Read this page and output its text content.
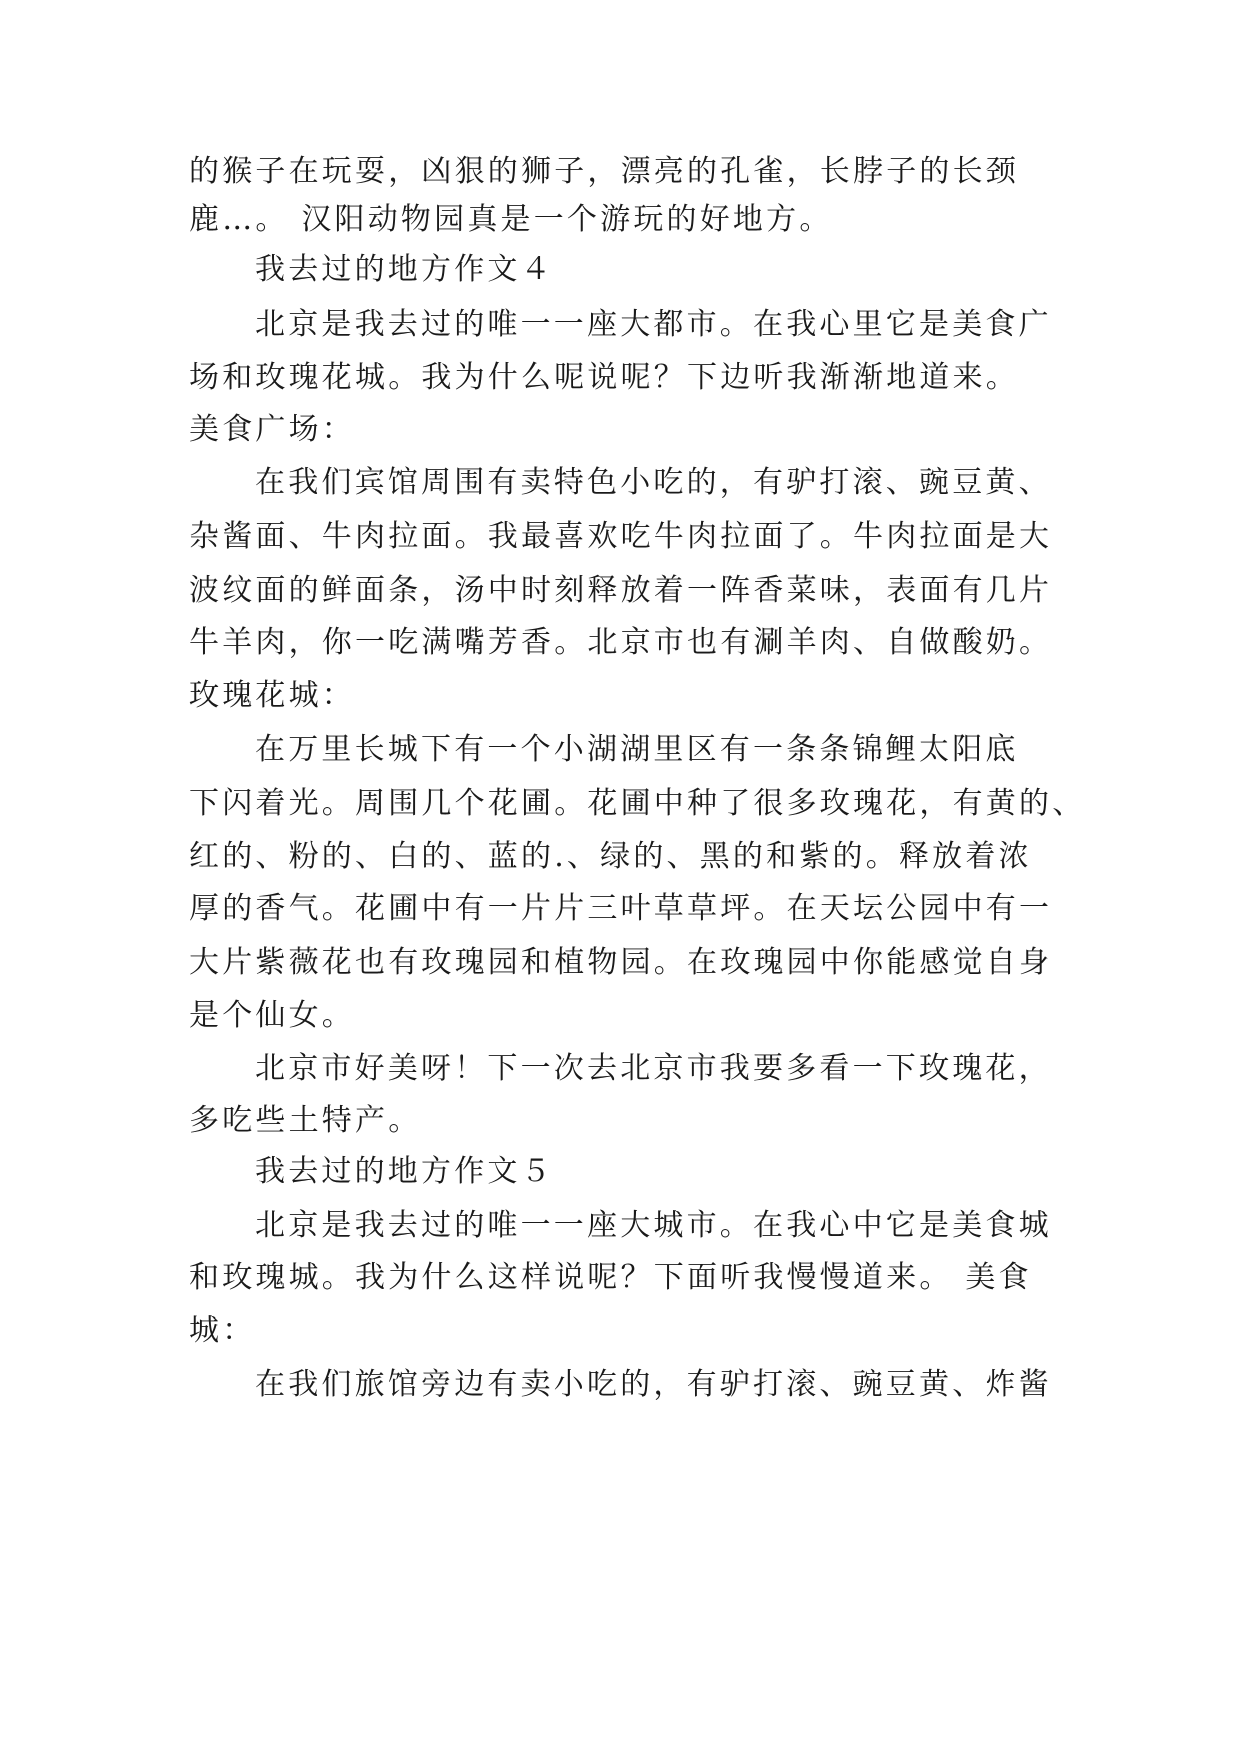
的猴子在玩耍，凶狠的狮子，漂亮的孔雀，长脖子的长颈
鹿…。 汉阳动物园真是一个游玩的好地方。
我去过的地方作文４
北京是我去过的唯一一座大都市。在我心里它是美食广
场和玫瑰花城。我为什么呢说呢？下边听我渐渐地道来。
美食广场：
在我们宾馆周围有卖特色小吃的，有驴打滚、豌豆黄、
杂酱面、牛肉拉面。我最喜欢吃牛肉拉面了。牛肉拉面是大
波纹面的鲜面条，汤中时刻释放着一阵香菜味，表面有几片
牛羊肉，你一吃满嘴芳香。北京市也有涮羊肉、自做酸奶。
玫瑰花城：
在万里长城下有一个小湖湖里区有一条条锦鲤太阳底
下闪着光。周围几个花圃。花圃中种了很多玫瑰花，有黄的、
红的、粉的、白的、蓝的.、绿的、黑的和紫的。释放着浓
厚的香气。花圃中有一片片三叶草草坪。在天坛公园中有一
大片紫薇花也有玫瑰园和植物园。在玫瑰园中你能感觉自身
是个仙女。
北京市好美呀！下一次去北京市我要多看一下玫瑰花，
多吃些土特产。
我去过的地方作文５
北京是我去过的唯一一座大城市。在我心中它是美食城
和玫瑰城。我为什么这样说呢？下面听我慢慢道来。 美食
城：
在我们旅馆旁边有卖小吃的，有驴打滚、豌豆黄、炸酱
